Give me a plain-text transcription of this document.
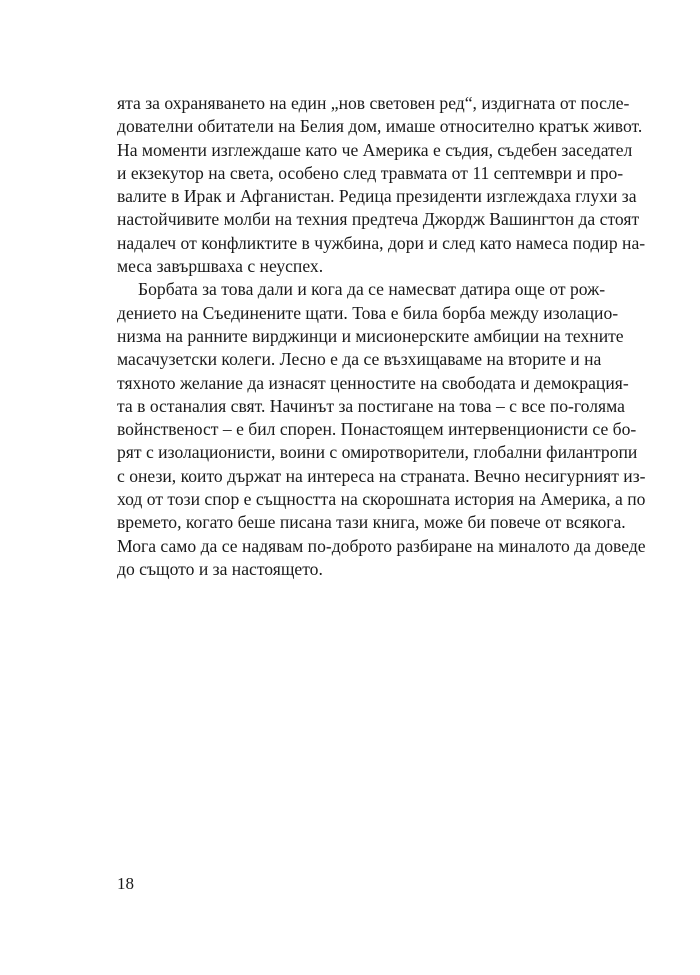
ята за охраняването на един „нов световен ред“, издигната от после-
дователни обитатели на Белия дом, имаше относително кратък живот.
На моменти изглеждаше като че Америка е съдия, съдебен заседател
и екзекутор на света, особено след травмата от 11 септември и про-
валите в Ирак и Афганистан. Редица президенти изглеждаха глухи за
настойчивите молби на техния предтеча Джордж Вашингтон да стоят
надалеч от конфликтите в чужбина, дори и след като намеса подир на-
меса завършваха с неуспех.
Борбата за това дали и кога да се намесват датира още от рож-
дението на Съединените щати. Това е била борба между изолацио-
низма на ранните вирджинци и мисионерските амбиции на техните
масачузетски колеги. Лесно е да се възхищаваме на вторите и на
тяхното желание да изнасят ценностите на свободата и демокрация-
та в останалия свят. Начинът за постигане на това – с все по-голяма
войнственост – е бил спорен. Понастоящем интервенционисти се бо-
рят с изолационисти, воини с омиротворители, глобални филантропи
с онези, които държат на интереса на страната. Вечно несигурният из-
ход от този спор е същността на скорошната история на Америка, а по
времето, когато беше писана тази книга, може би повече от всякога.
Мога само да се надявам по-доброто разбиране на миналото да доведе
до същото и за настоящето.
18
